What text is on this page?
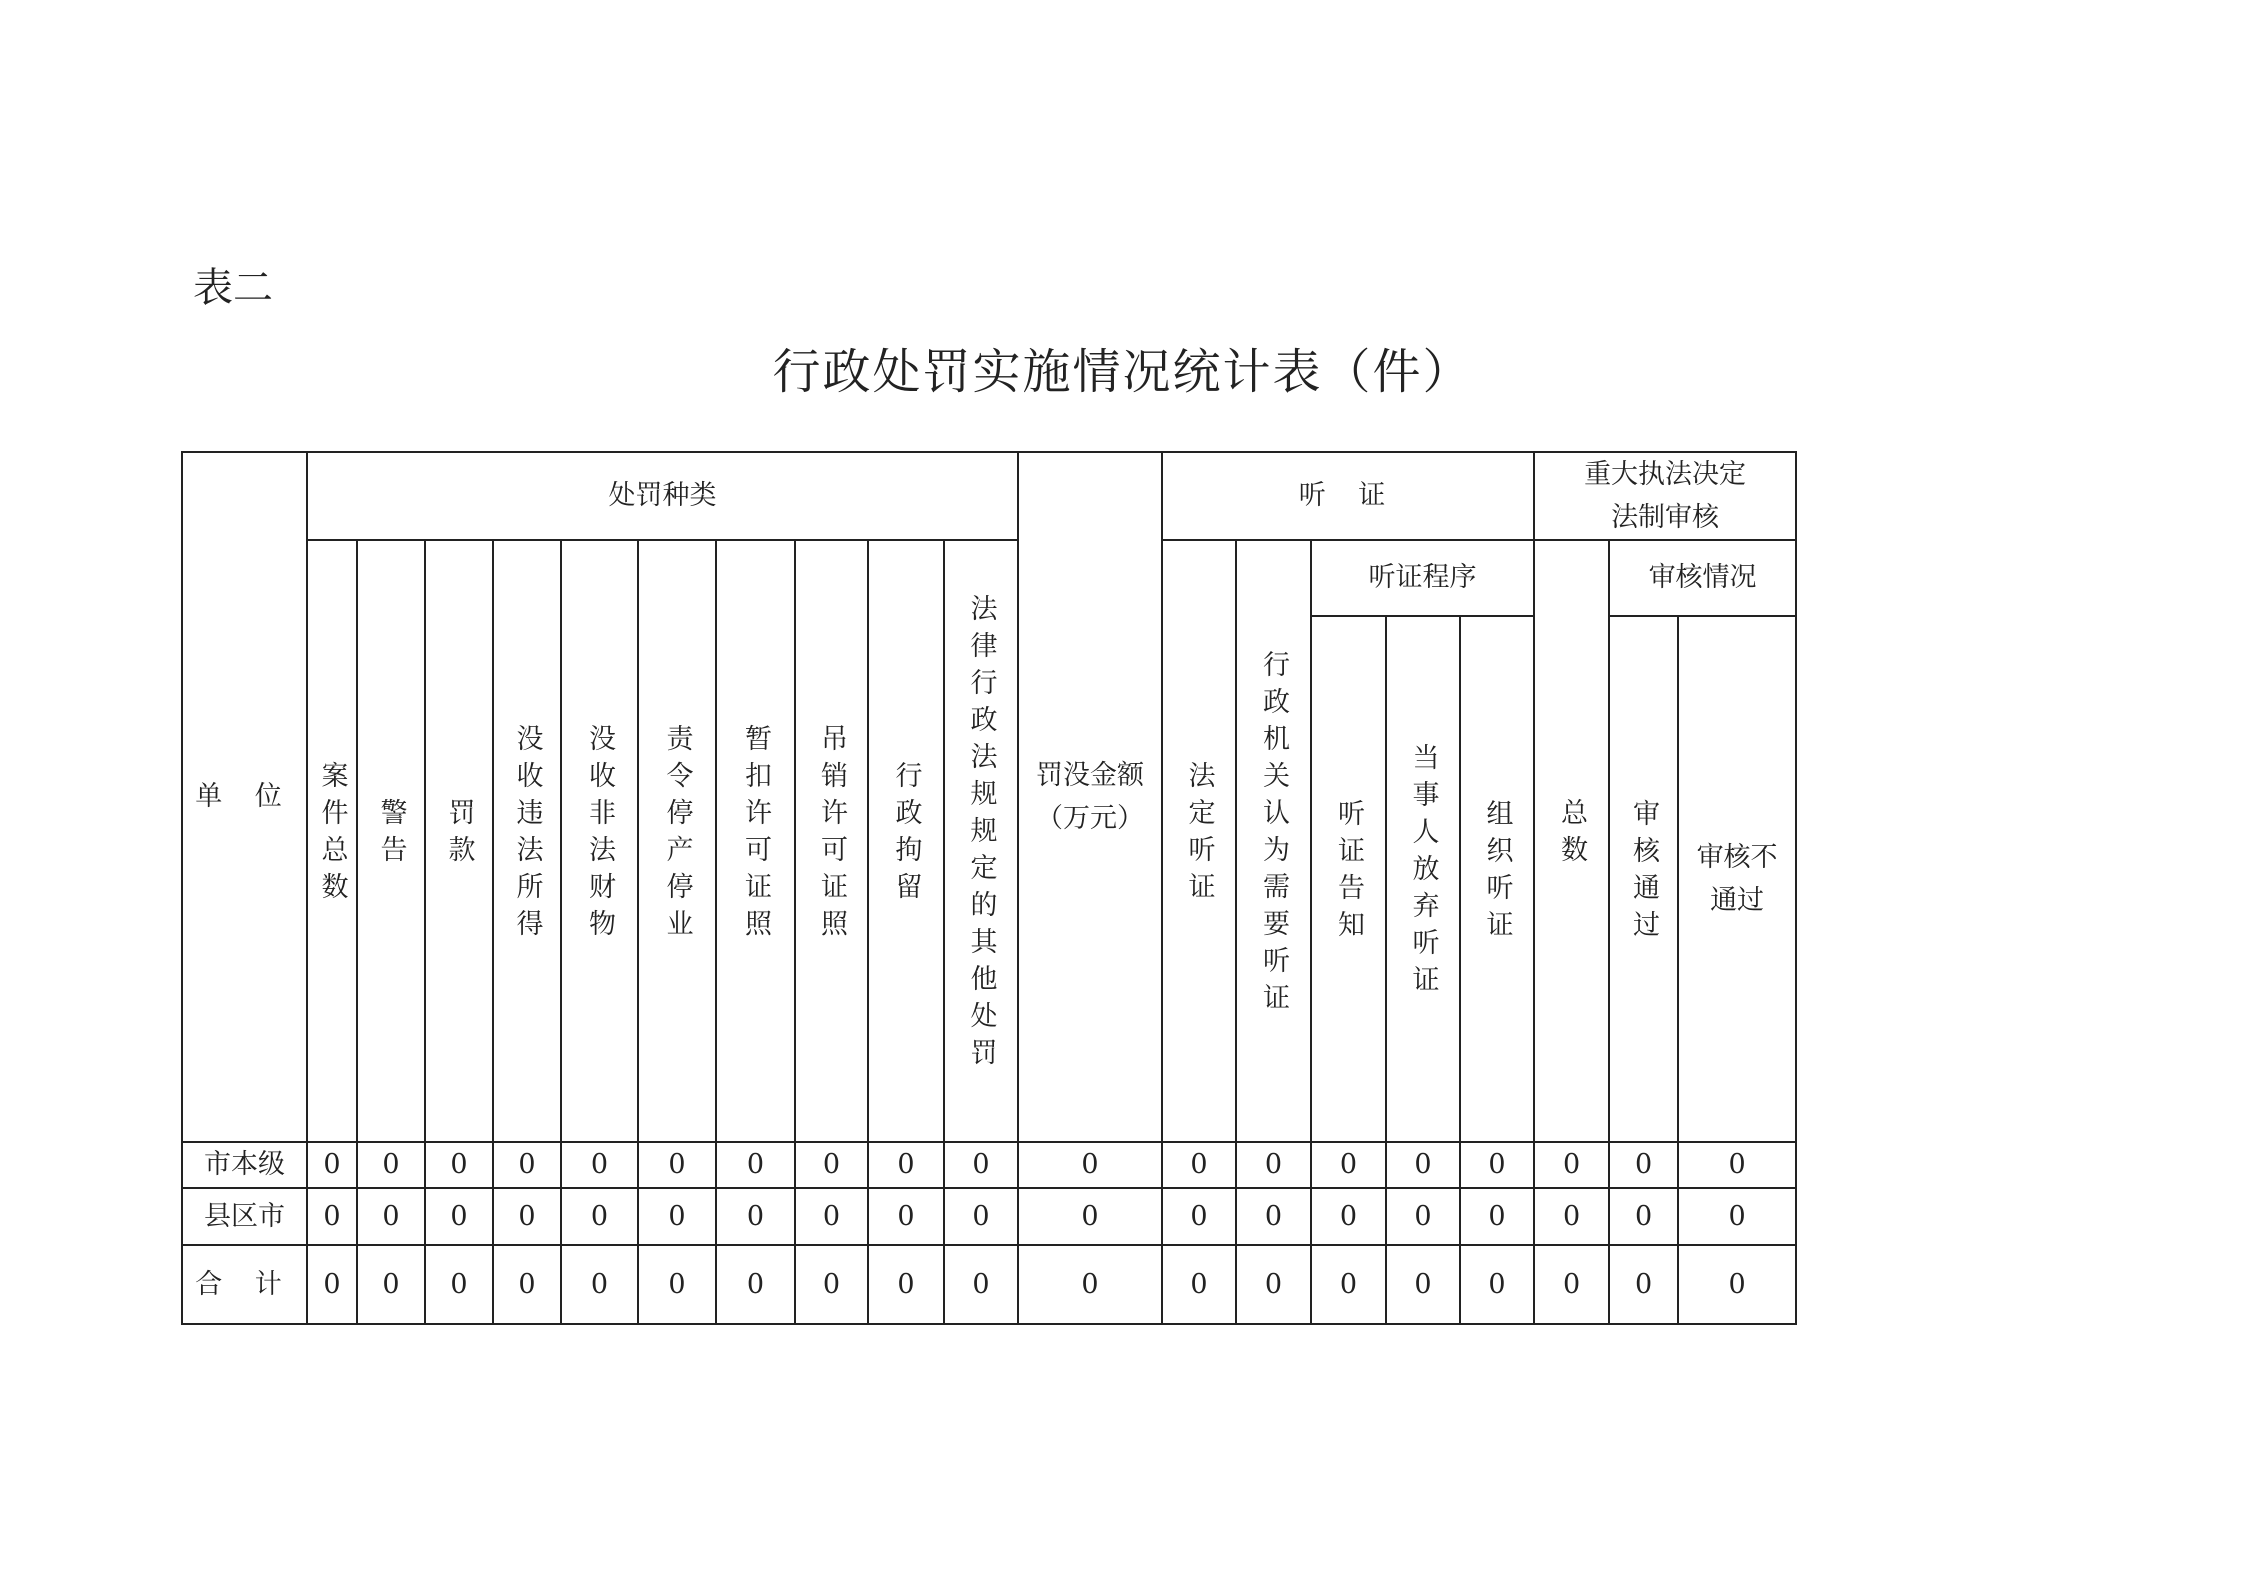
表二
行政处罚实施情况统计表（件）
单 位	处罚种类										罚没金额（万元）	听 证					重大执法决定法制审核		
	案件总数	警告	罚款	没收违法所得	没收非法财物	责令停产停业	暂扣许可证照	吊销许可证照	行政拘留	法律行政法规规定的其他处罚		法定听证	行政机关认为需要听证	听证程序			总数	审核情况	
														听证告知	当事人放弃听证	组织听证		审核通过	审核不通过

市本级	0	0	0	0	0	0	0	0	0	0	0	0	0	0	0	0	0	0	0
县区市	0	0	0	0	0	0	0	0	0	0	0	0	0	0	0	0	0	0	0
合 计	0	0	0	0	0	0	0	0	0	0	0	0	0	0	0	0	0	0	0
